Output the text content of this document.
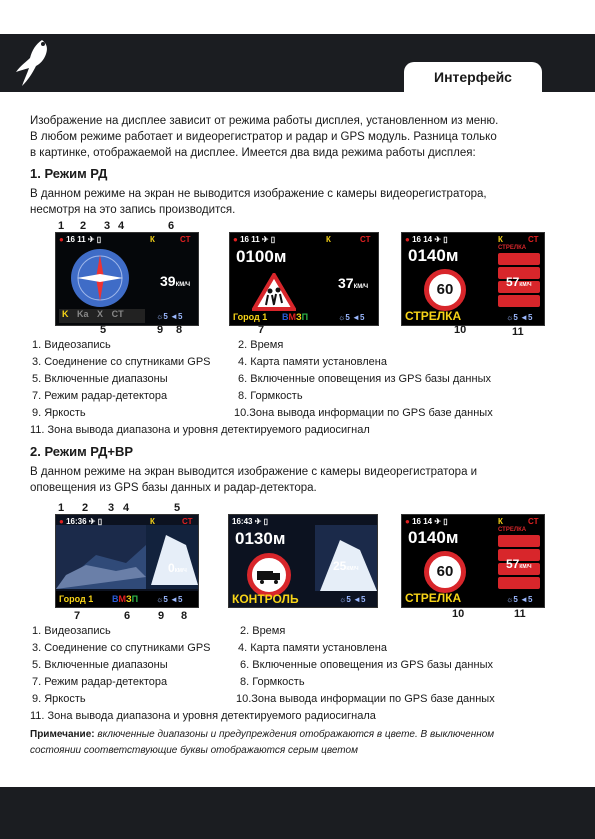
Интерфейс
Изображение на дисплее зависит от режима работы дисплея, установленном из меню.
В любом режиме работает и видеорегистратор и радар и GPS модуль. Разница только
в картинке, отображаемой на дисплее. Имеется два вида режима работы дисплея:
1. Режим РД
В данном режиме на экран не выводится изображение с камеры видеорегистратора,
несмотря на это запись производится.
1 2 3 4	6
● 16 11 ✈ ▯	К	СТ
39КМ/Ч
K Ka X CT	☼5 ◄5
5	9 8
● 16 11 ✈ ▯	К	СТ
0100м
37КМ/Ч
Город 1 ВМЗП	☼5 ◄5
7
● 16 14 ✈ ▯	К	СТ
0140м
60
СТРЕЛКА
57КМ/Ч
СТРЕЛКА	☼5 ◄5
10	11
1. Видеозапись	2. Время
3. Соединение со спутниками GPS	4. Карта памяти установлена
5. Включенные диапазоны	6. Включенные оповещения из GPS базы данных
7. Режим радар-детектора	8. Гормкость
9. Яркость	10.Зона вывода информации по GPS базе данных
11. Зона вывода диапазона и уровня детектируемого радиосигнал
2. Режим РД+ВР
В данном режиме на экран выводится изображение с камеры видеорегистратора и
оповещения из GPS базы данных и радар-детектора.
1 2 3 4	5
● 16:36 ✈ ▯	К	СТ
0КМ/Ч
Город 1 ВМЗП ☼5 ◄5
7	6	9 8
16:43 ✈ ▯
0130м
25КМ/Ч
КОНТРОЛЬ	☼5 ◄5
● 16 14 ✈ ▯	К	СТ
0140м
60
СТРЕЛКА
57КМ/Ч
СТРЕЛКА	☼5 ◄5
10	11
1. Видеозапись	2. Время
3. Соединение со спутниками GPS	4. Карта памяти установлена
5. Включенные диапазоны	6. Включенные оповещения из GPS базы данных
7. Режим радар-детектора	8. Гормкость
9. Яркость	10.Зона вывода информации по GPS базе данных
11. Зона вывода диапазона и уровня детектируемого радиосигнала
Примечание: включенные диапазоны и предупреждения отображаются в цвете. В выключенном
состоянии соответствующие буквы отображаются серым цветом
